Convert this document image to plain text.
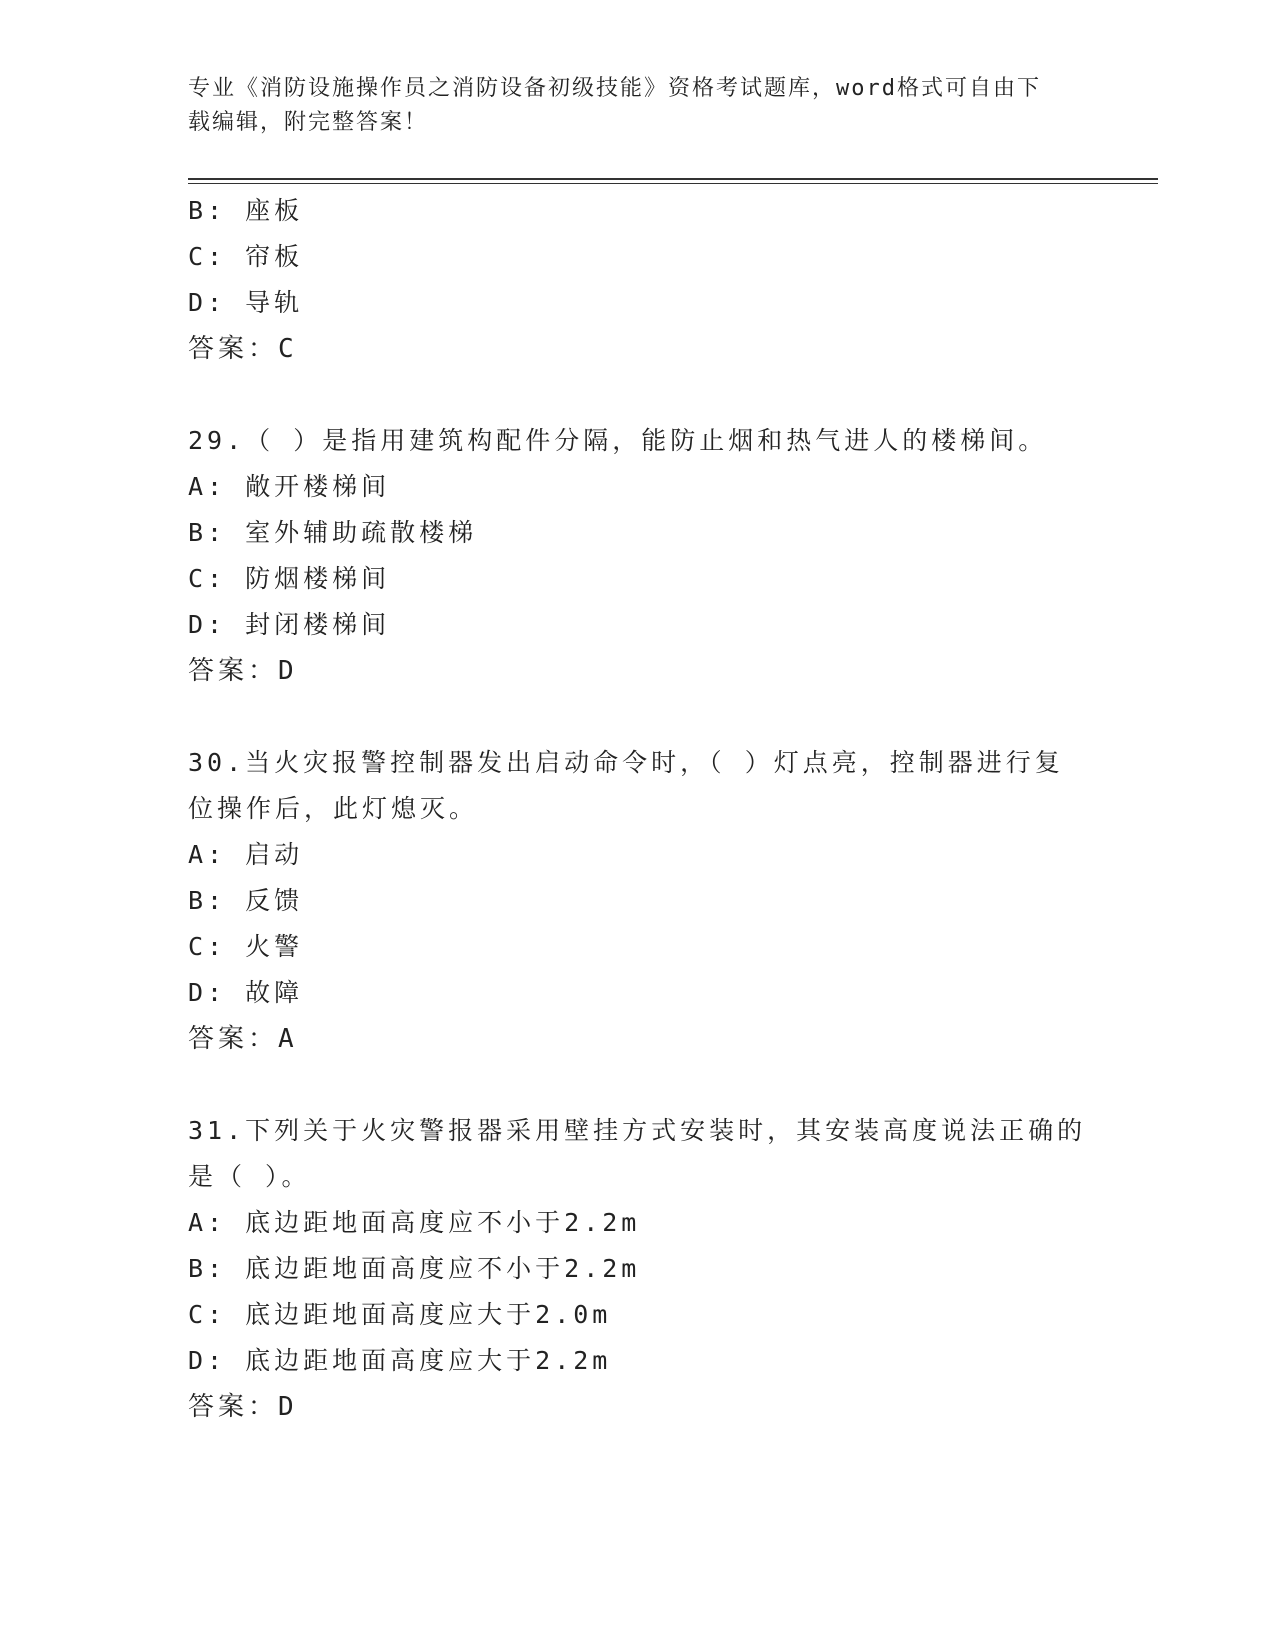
专业《消防设施操作员之消防设备初级技能》资格考试题库，word格式可自由下
载编辑，附完整答案！
B: 座板
C: 帘板
D: 导轨
答案：C
29.（ ）是指用建筑构配件分隔，能防止烟和热气进人的楼梯间。
A: 敞开楼梯间
B: 室外辅助疏散楼梯
C: 防烟楼梯间
D: 封闭楼梯间
答案：D
30.当火灾报警控制器发出启动命令时，（ ）灯点亮，控制器进行复
位操作后，此灯熄灭。
A: 启动
B: 反馈
C: 火警
D: 故障
答案：A
31.下列关于火灾警报器采用壁挂方式安装时，其安装高度说法正确的
是（ ）。
A: 底边距地面高度应不小于2.2m
B: 底边距地面高度应不小于2.2m
C: 底边距地面高度应大于2.0m
D: 底边距地面高度应大于2.2m
答案：D
